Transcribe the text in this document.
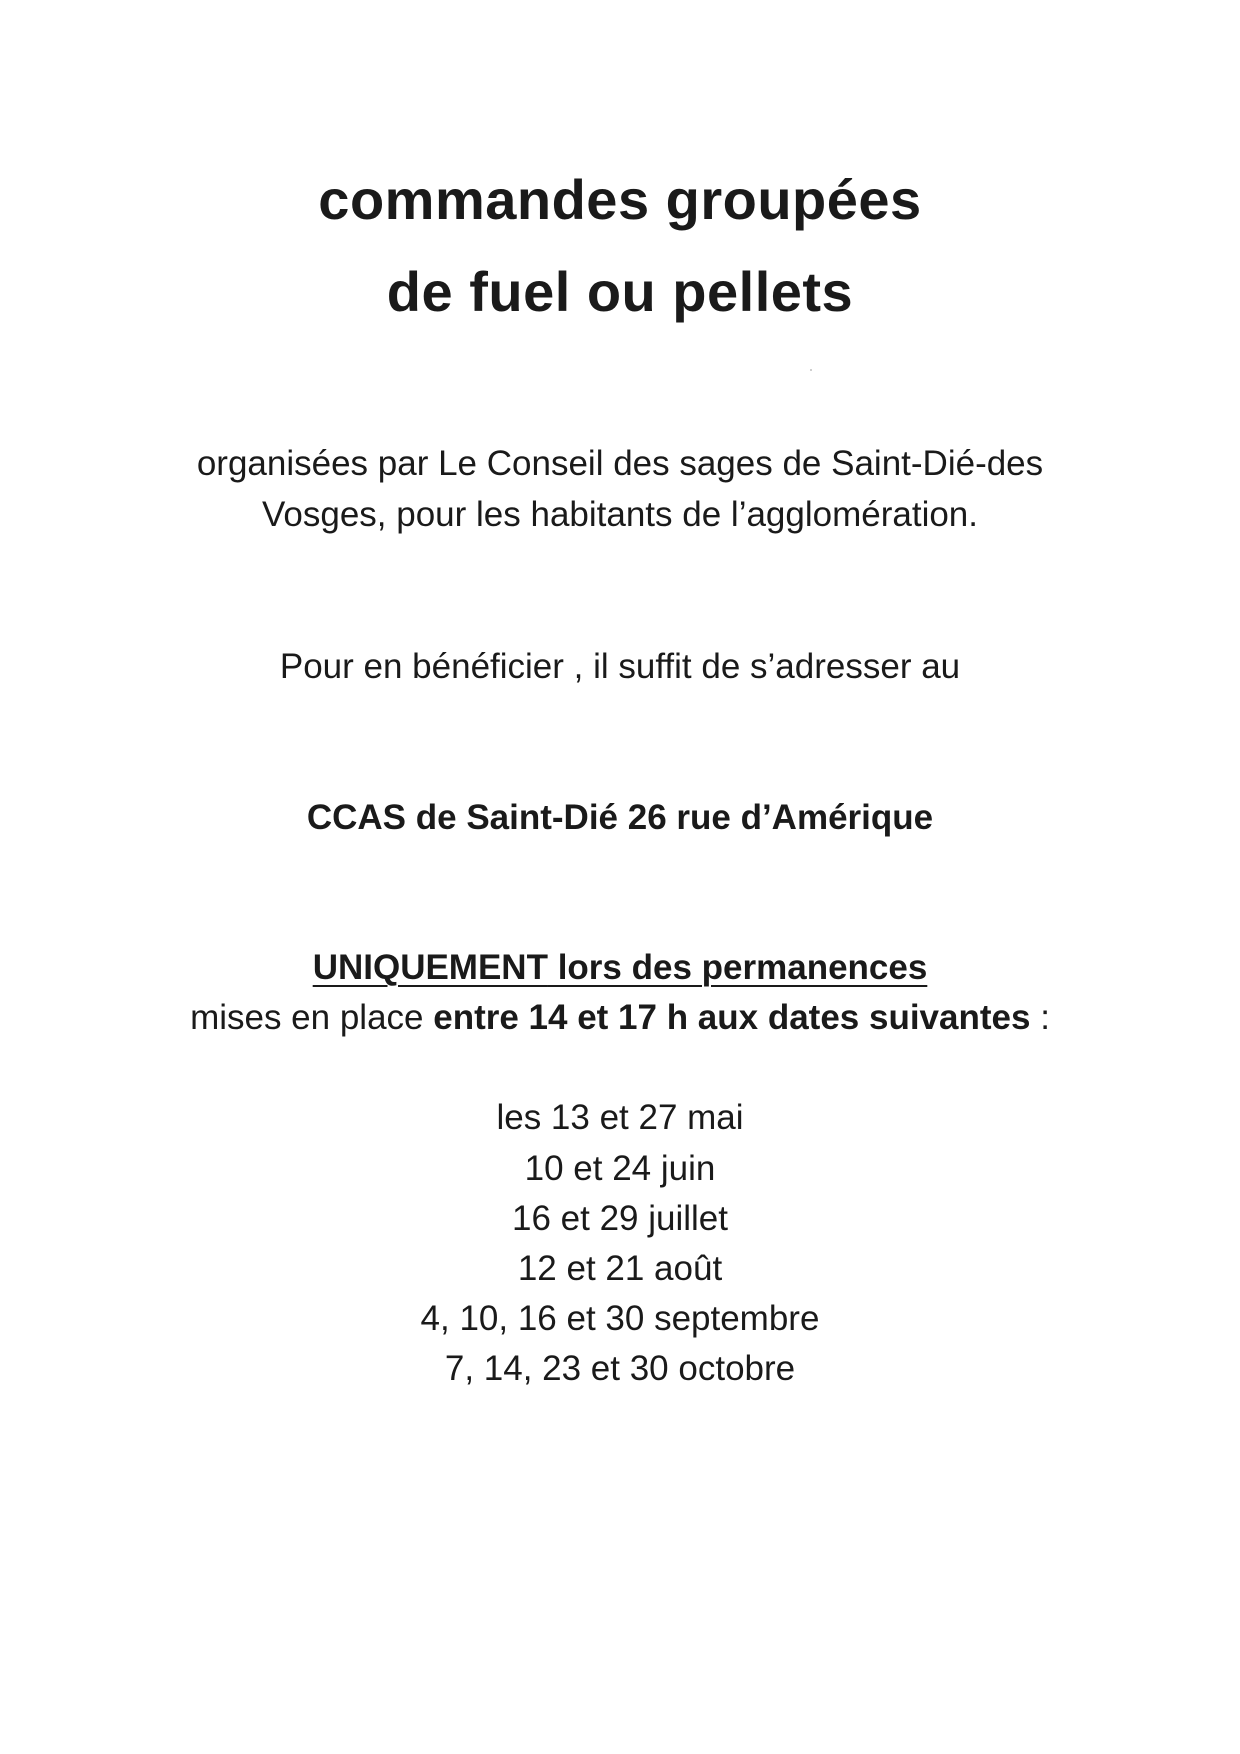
commandes groupées
de fuel ou pellets
organisées par Le Conseil des sages de Saint-Dié-des
Vosges, pour les habitants de l’agglomération.
Pour en bénéficier , il suffit de s’adresser au
CCAS de Saint-Dié 26 rue d’Amérique
UNIQUEMENT lors des permanences
mises en place entre 14 et 17 h aux dates suivantes :
les 13 et 27 mai
10 et 24 juin
16 et 29 juillet
12 et 21 août
4, 10, 16 et 30 septembre
7, 14, 23 et 30 octobre
